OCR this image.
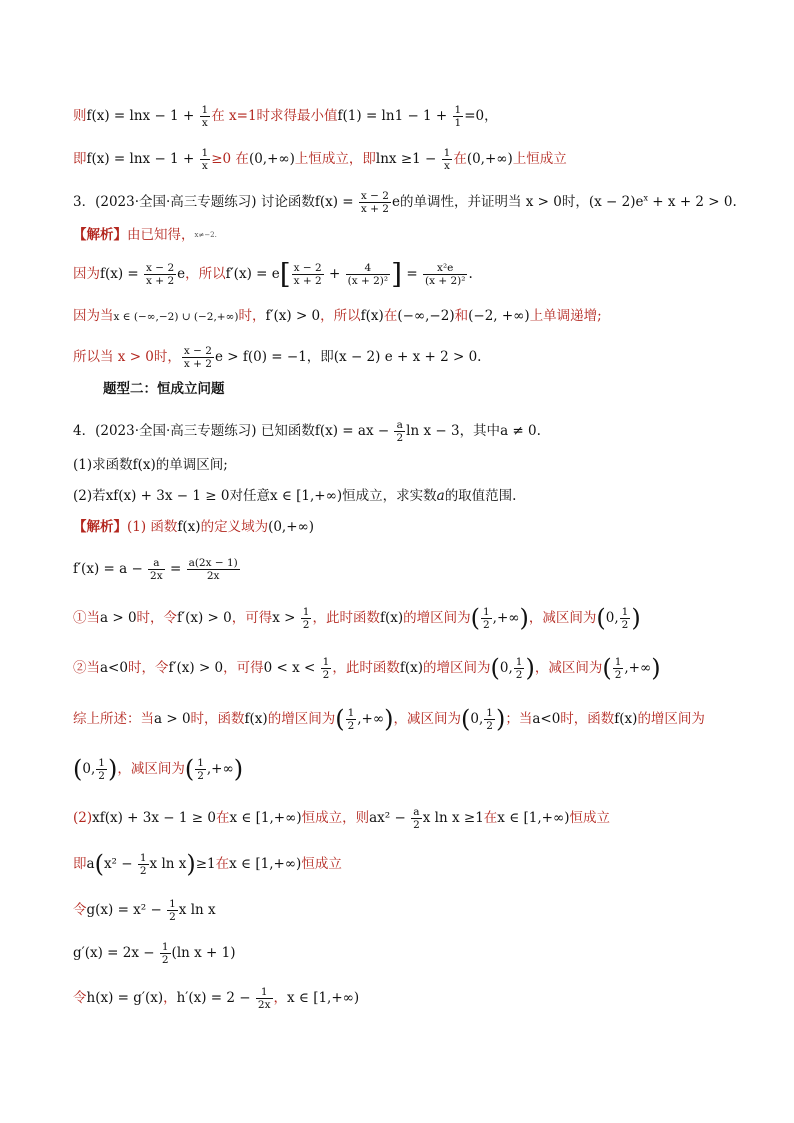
则$f(x) = \ln x - 1 + \frac{1}{x}$ 在 x=1时求得最小值$f(1) = \ln 1 - 1 + \frac{1}{1} =0$，
即$f(x) = \ln x - 1 + \frac{1}{x} \ge 0$ 在(0,+∞)上恒成立，即$\ln x \ge 1 - \frac{1}{x}$ 在(0,+∞)上恒成立
3．(2023·全国·高三专题练习) 讨论函数$f(x) = \frac{x - 2}{x + 2}$ e的单调性，并证明当 x > 0时，$(x - 2)e^x + x + 2 > 0$.
【解析】由已知得，x≠−2.
因为$f(x) = \frac{x - 2}{x + 2}$ e，所以$f'(x) = e[ \frac{x - 2}{x + 2} + \frac{4}{\text{(x + 2)²}}$ ] = $\frac{\text{x²e}}{\text{(x + 2)²}}$ .
因为当x ∈ (−∞,−2) ∪ (−2,+∞)时，f′(x) > 0，所以f(x)在(−∞,−2)和(−2, +∞)上单调递增;
所以当 x > 0时， $\frac{x - 2}{x + 2}$ e > f(0) = −1，即(x − 2) e + x + 2 > 0.
题型二：恒成立问题
4．(2023·全国·高三专题练习) 已知函数f(x) = ax − $\frac{a}{2}$ ln x − 3，其中a ≠ 0.
(1)求函数f(x)的单调区间;
(2)若xf(x) + 3x − 1 ≥ 0对任意x ∈ [1,+∞)恒成立，求实数a的取值范围.
【解析】(1) 函数f(x)的定义域为(0,+∞)
$f'(x) = a - \frac{a}{2x} = \frac{a(2x - 1)}{2x}$
①当a > 0时，令f′(x) > 0，可得$x > \frac{1}{2}$ ，此时函数f(x)的增区间为( $\frac{1}{2}$ ,+∞)，减区间为(0, $\frac{1}{2}$ )
②当a<0时，令f′(x) > 0，可得$0 < x < \frac{1}{2}$ ，此时函数f(x)的增区间为(0, $\frac{1}{2}$ )，减区间为( $\frac{1}{2}$ ,+∞)
综上所述：当a > 0时，函数f(x)的增区间为( $\frac{1}{2}$ ,+∞)，减区间为(0, $\frac{1}{2}$ )；当a<0时，函数f(x)的增区间为
(0, $\frac{1}{2}$ )，减区间为( $\frac{1}{2}$ ,+∞)
(2)xf(x) + 3x − 1 ≥ 0在x ∈ [1,+∞)恒成立，则$ax^2 - \frac{a}{2}$ x ln x ≥1在x ∈ [1,+∞)恒成立
即$a(x^2 - \frac{1}{2}$ x ln x)≥1在x ∈ [1,+∞)恒成立
令$g(x) = x^2 - \frac{1}{2}$ x ln x
$g'(x) = 2x - \frac{1}{2} (\ln$ x + 1)
令h(x) = g′(x)，$h'(x) = 2 - \frac{1}{2x}$ ，x ∈ [1,+∞)
